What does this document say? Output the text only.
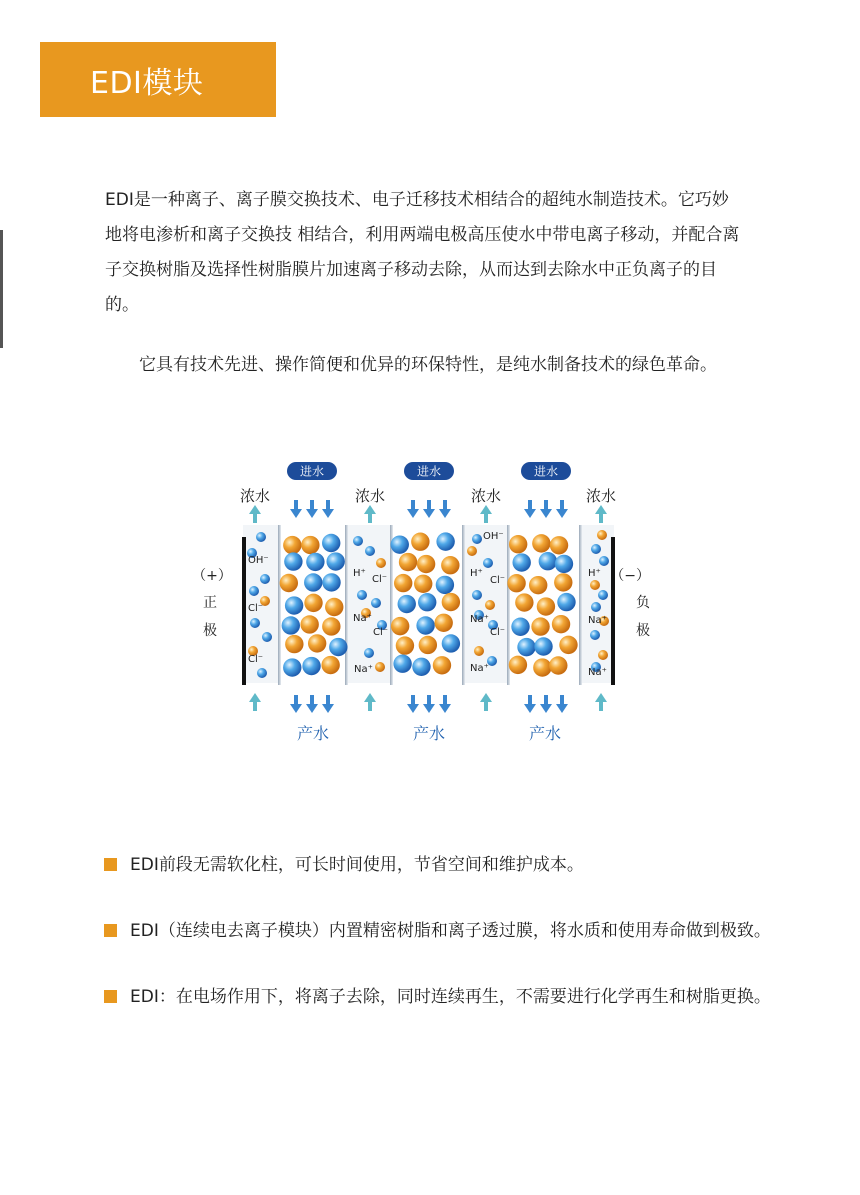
EDI模块

EDI是一种离子、离子膜交换技术、电子迁移技术相结合的超纯水制造技术。它巧妙地将电渗析和离子交换技 相结合，利用两端电极高压使水中带电离子移动，并配合离子交换树脂及选择性树脂膜片加速离子移动去除，从而达到去除水中正负离子的目的。

它具有技术先进、操作简便和优异的环保特性，是纯水制备技术的绿色革命。

进水	进水	进水
浓水	浓水	浓水	浓水
产水	产水	产水
（+）
正
极
（−）
负
极
OH⁻
Cl⁻
Cl⁻
H⁺
Cl⁻
Na⁺
Cl⁻
Na⁺
OH⁻
H⁺
Cl⁻
Na⁺
Cl⁻
Na⁺
H⁺
Na⁺
Na⁺
EDI前段无需软化柱，可长时间使用，节省空间和维护成本。
EDI（连续电去离子模块）内置精密树脂和离子透过膜，将水质和使用寿命做到极致。
EDI：在电场作用下，将离子去除，同时连续再生，不需要进行化学再生和树脂更换。
